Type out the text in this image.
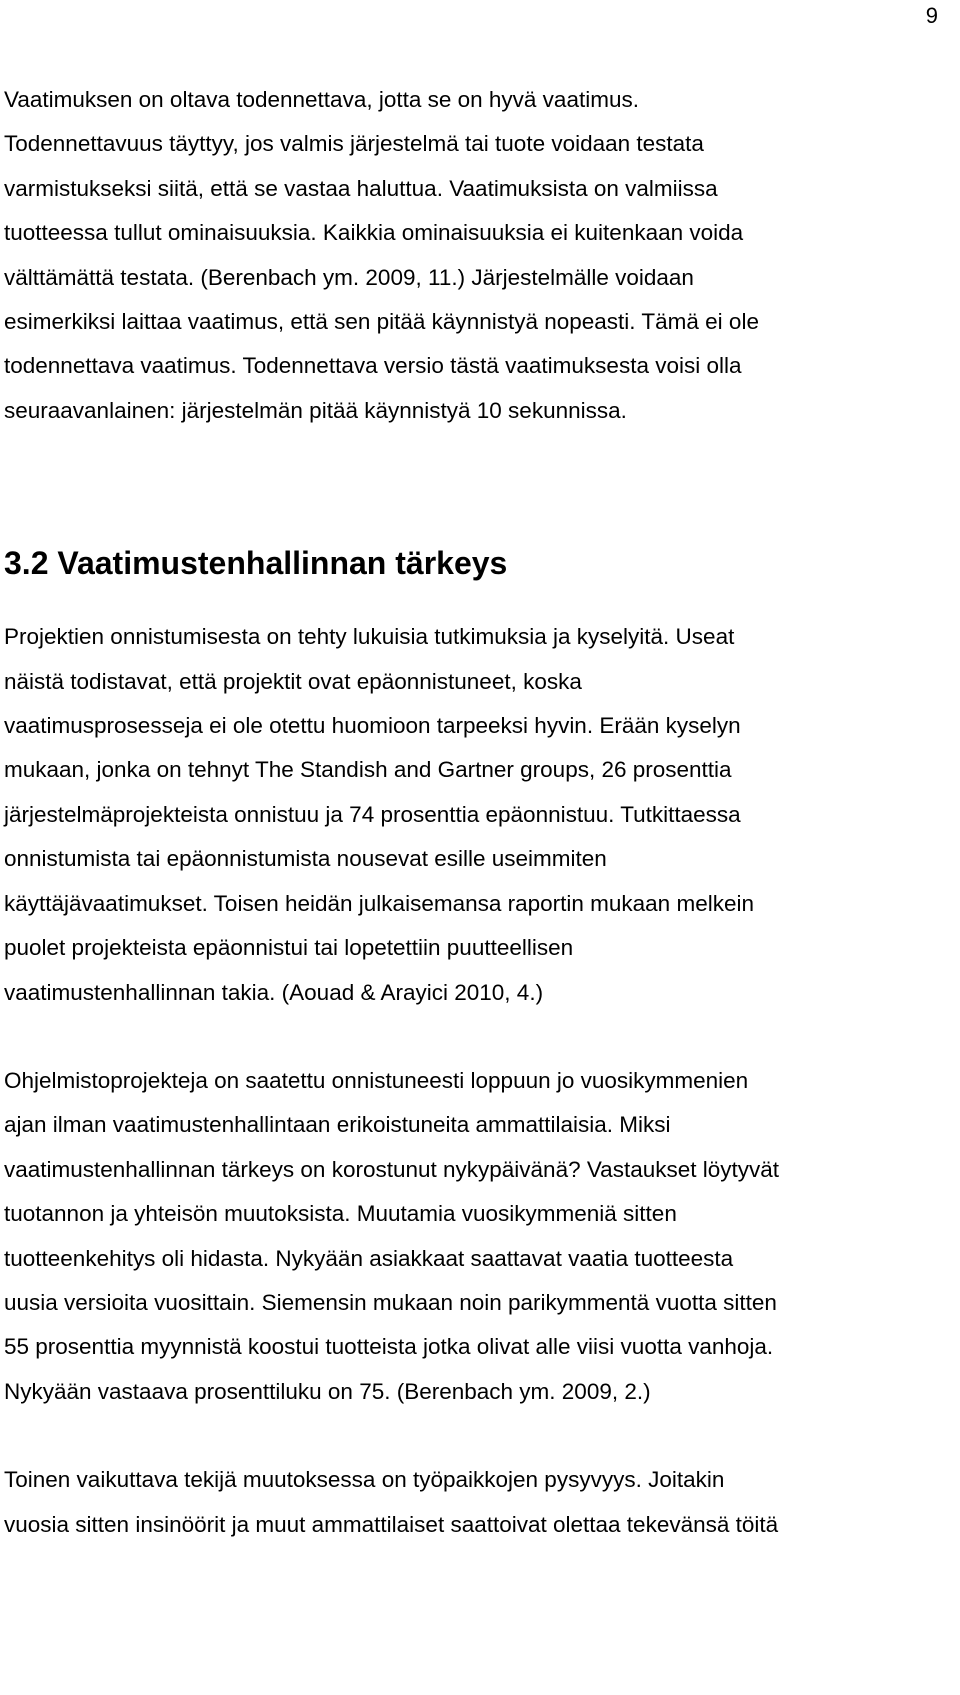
9
Vaatimuksen on oltava todennettava, jotta se on hyvä vaatimus.
Todennettavuus täyttyy, jos valmis järjestelmä tai tuote voidaan testata
varmistukseksi siitä, että se vastaa haluttua. Vaatimuksista on valmiissa
tuotteessa tullut ominaisuuksia. Kaikkia ominaisuuksia ei kuitenkaan voida
välttämättä testata. (Berenbach ym. 2009, 11.) Järjestelmälle voidaan
esimerkiksi laittaa vaatimus, että sen pitää käynnistyä nopeasti. Tämä ei ole
todennettava vaatimus. Todennettava versio tästä vaatimuksesta voisi olla
seuraavanlainen: järjestelmän pitää käynnistyä 10 sekunnissa.
3.2 Vaatimustenhallinnan tärkeys
Projektien onnistumisesta on tehty lukuisia tutkimuksia ja kyselyitä. Useat
näistä todistavat, että projektit ovat epäonnistuneet, koska
vaatimusprosesseja ei ole otettu huomioon tarpeeksi hyvin. Erään kyselyn
mukaan, jonka on tehnyt The Standish and Gartner groups, 26 prosenttia
järjestelmäprojekteista onnistuu ja 74 prosenttia epäonnistuu. Tutkittaessa
onnistumista tai epäonnistumista nousevat esille useimmiten
käyttäjävaatimukset. Toisen heidän julkaisemansa raportin mukaan melkein
puolet projekteista epäonnistui tai lopetettiin puutteellisen
vaatimustenhallinnan takia. (Aouad & Arayici 2010, 4.)
Ohjelmistoprojekteja on saatettu onnistuneesti loppuun jo vuosikymmenien
ajan ilman vaatimustenhallintaan erikoistuneita ammattilaisia. Miksi
vaatimustenhallinnan tärkeys on korostunut nykypäivänä? Vastaukset löytyvät
tuotannon ja yhteisön muutoksista. Muutamia vuosikymmeniä sitten
tuotteenkehitys oli hidasta. Nykyään asiakkaat saattavat vaatia tuotteesta
uusia versioita vuosittain. Siemensin mukaan noin parikymmentä vuotta sitten
55 prosenttia myynnistä koostui tuotteista jotka olivat alle viisi vuotta vanhoja.
Nykyään vastaava prosenttiluku on 75. (Berenbach ym. 2009, 2.)
Toinen vaikuttava tekijä muutoksessa on työpaikkojen pysyvyys. Joitakin
vuosia sitten insinöörit ja muut ammattilaiset saattoivat olettaa tekevänsä töitä
